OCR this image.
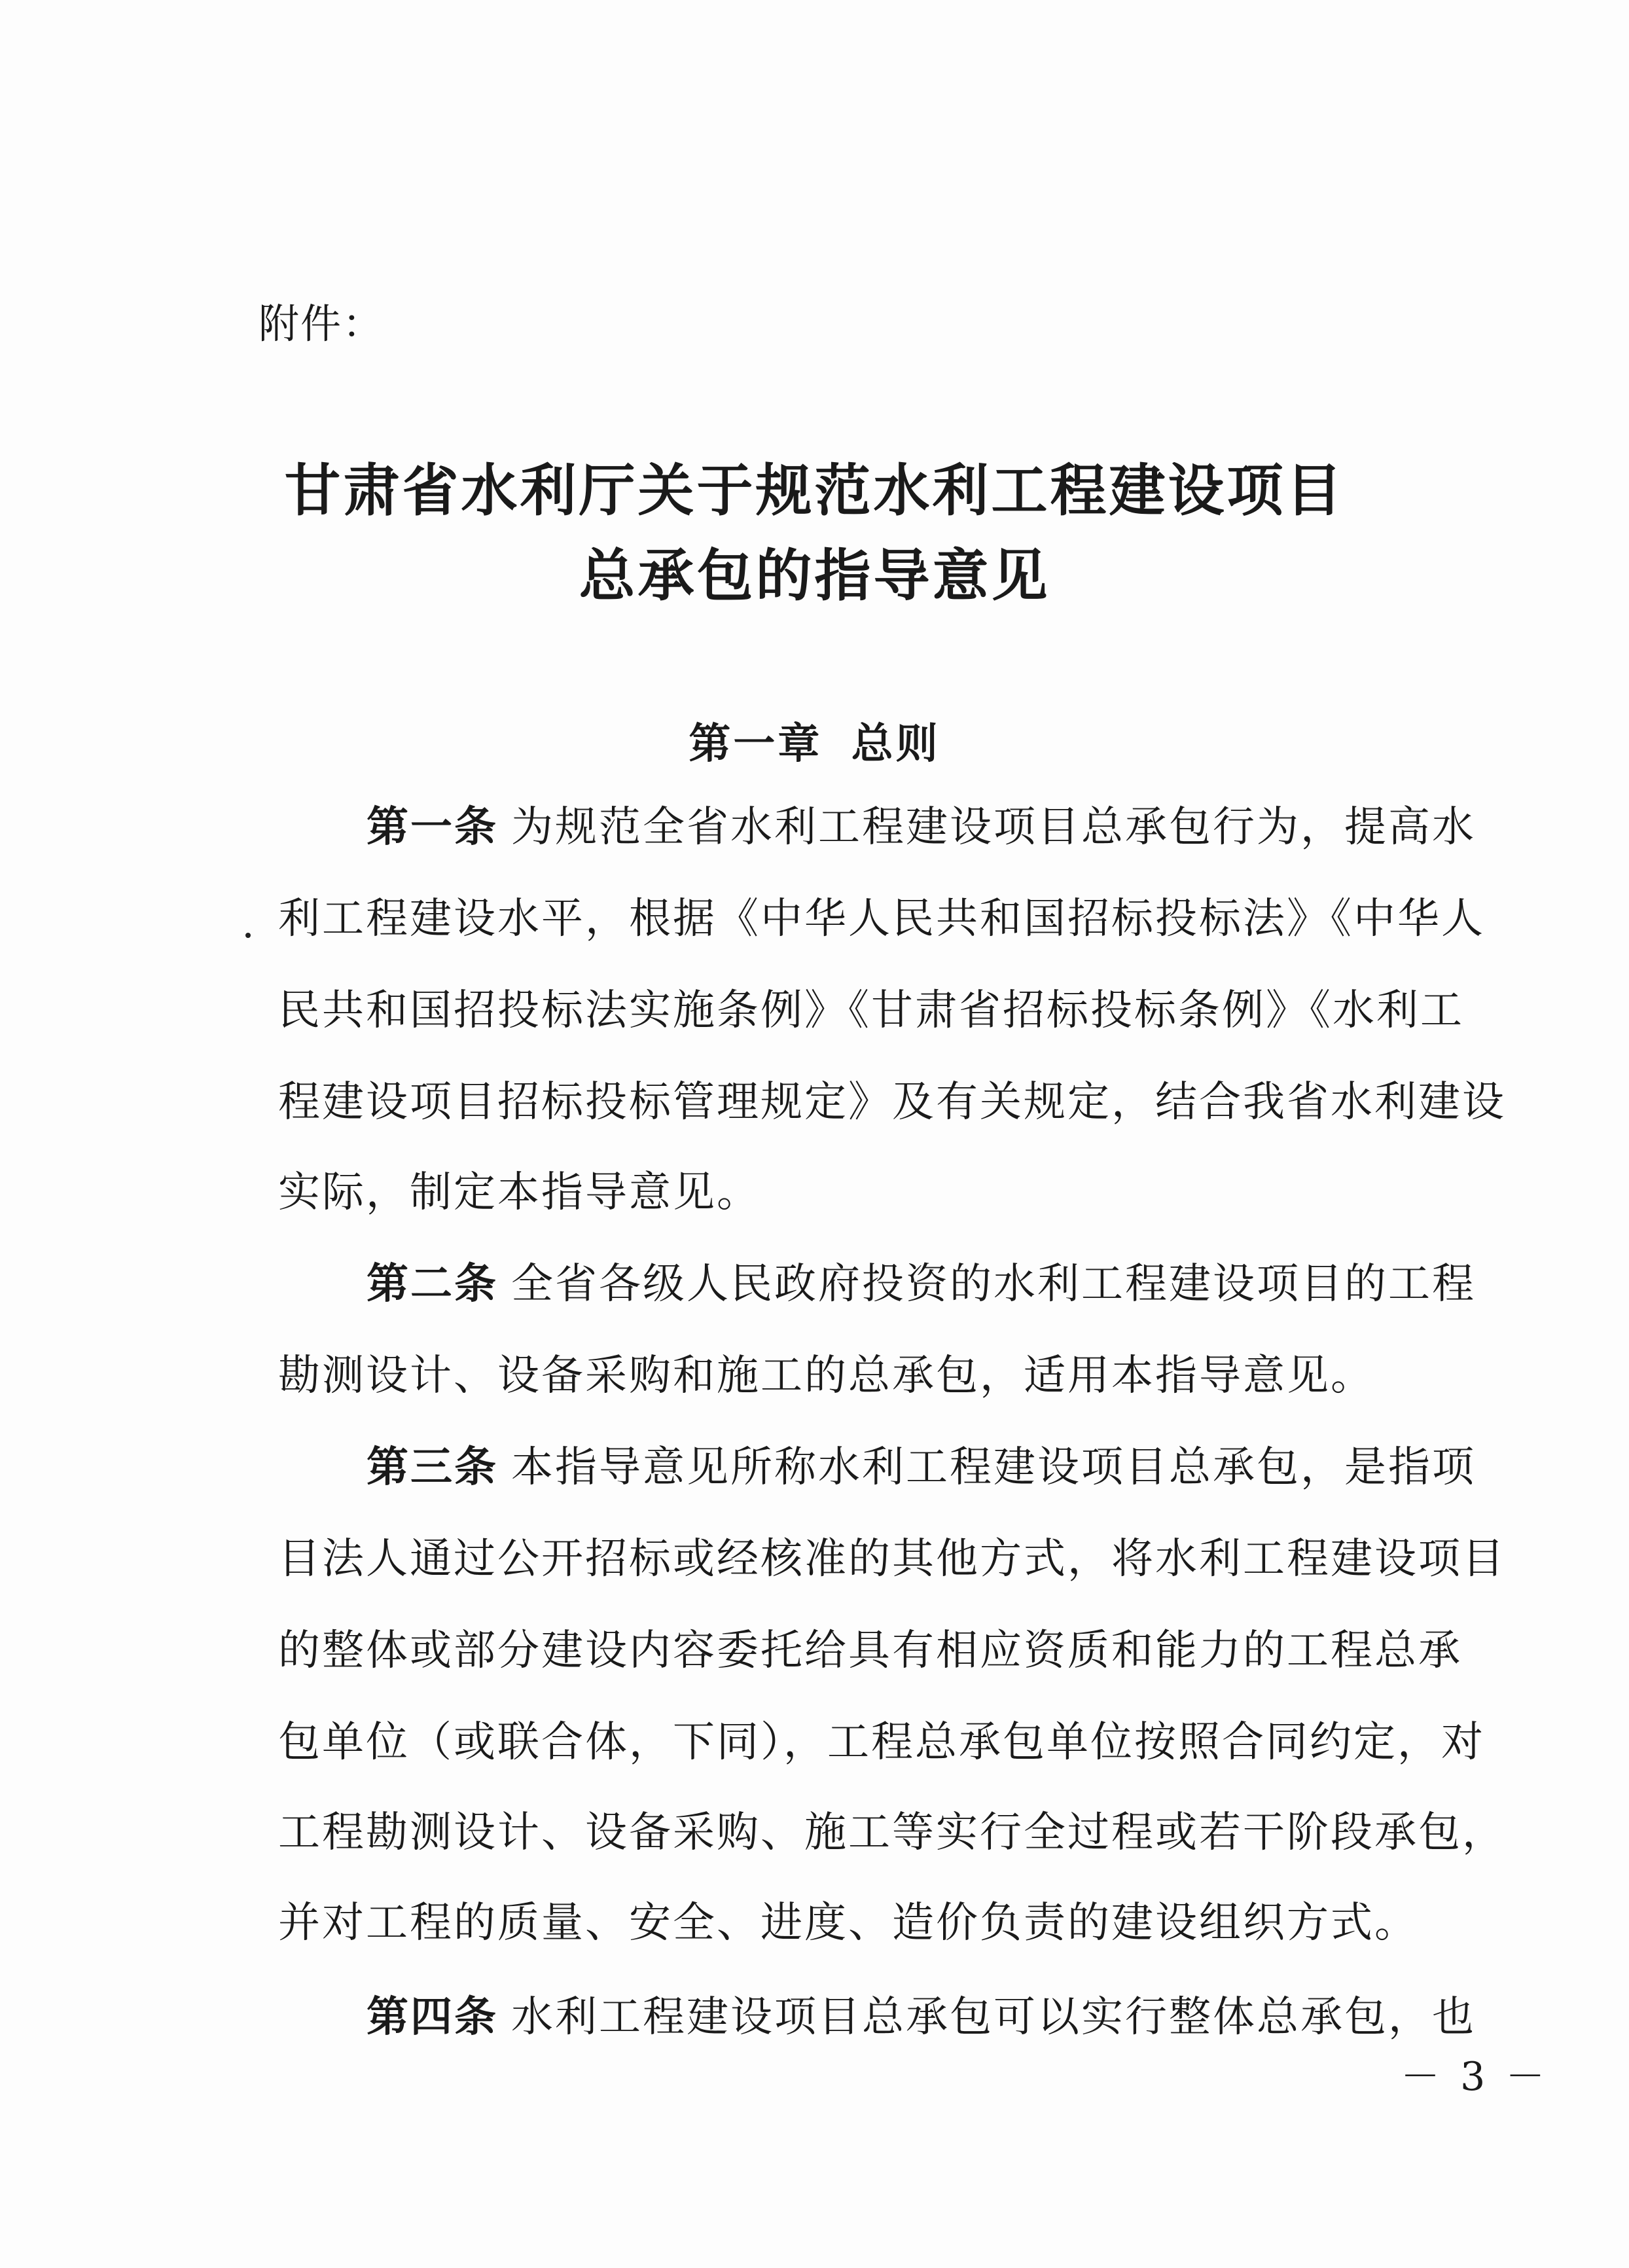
附件：
甘肃省水利厅关于规范水利工程建设项目
总承包的指导意见
第一章 总则
第一条 为规范全省水利工程建设项目总承包行为，提高水
利工程建设水平，根据《中华人民共和国招标投标法》《中华人
民共和国招投标法实施条例》《甘肃省招标投标条例》《水利工
程建设项目招标投标管理规定》及有关规定，结合我省水利建设
实际，制定本指导意见。
第二条 全省各级人民政府投资的水利工程建设项目的工程
勘测设计、设备采购和施工的总承包，适用本指导意见。
第三条 本指导意见所称水利工程建设项目总承包，是指项
目法人通过公开招标或经核准的其他方式，将水利工程建设项目
的整体或部分建设内容委托给具有相应资质和能力的工程总承
包单位（或联合体，下同），工程总承包单位按照合同约定，对
工程勘测设计、设备采购、施工等实行全过程或若干阶段承包，
并对工程的质量、安全、进度、造价负责的建设组织方式。
第四条 水利工程建设项目总承包可以实行整体总承包，也
－ 3 －
